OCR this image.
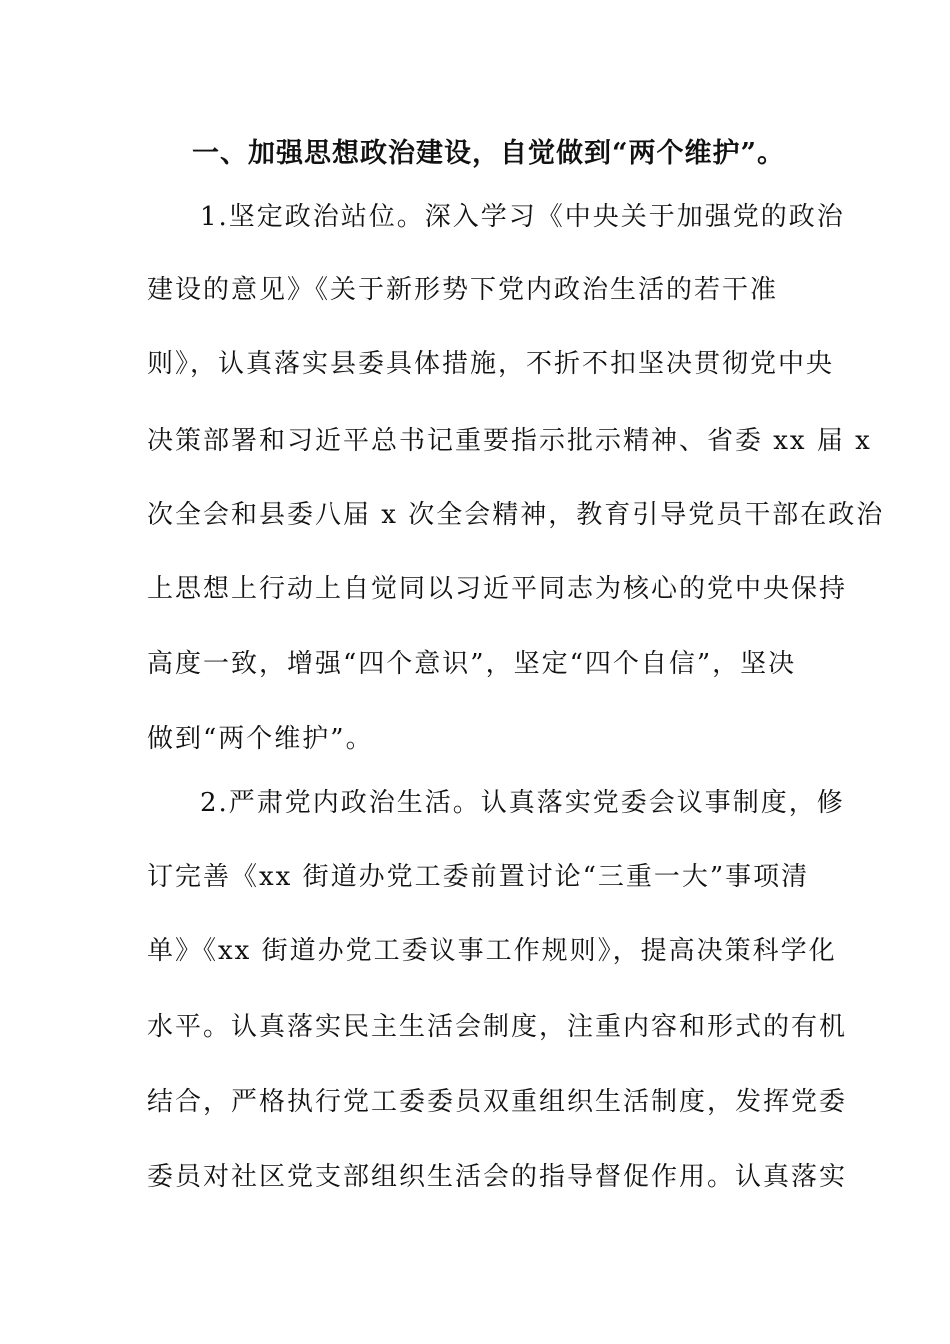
一、加强思想政治建设，自觉做到“两个维护”。
1.坚定政治站位。深入学习《中央关于加强党的政治
建设的意见》《关于新形势下党内政治生活的若干准
则》，认真落实县委具体措施，不折不扣坚决贯彻党中央
决策部署和习近平总书记重要指示批示精神、省委 xx 届 x
次全会和县委八届 x 次全会精神，教育引导党员干部在政治
上思想上行动上自觉同以习近平同志为核心的党中央保持
高度一致，增强“四个意识”，坚定“四个自信”，坚决
做到“两个维护”。
2.严肃党内政治生活。认真落实党委会议事制度，修
订完善《xx 街道办党工委前置讨论“三重一大”事项清
单》《xx 街道办党工委议事工作规则》，提高决策科学化
水平。认真落实民主生活会制度，注重内容和形式的有机
结合，严格执行党工委委员双重组织生活制度，发挥党委
委员对社区党支部组织生活会的指导督促作用。认真落实
